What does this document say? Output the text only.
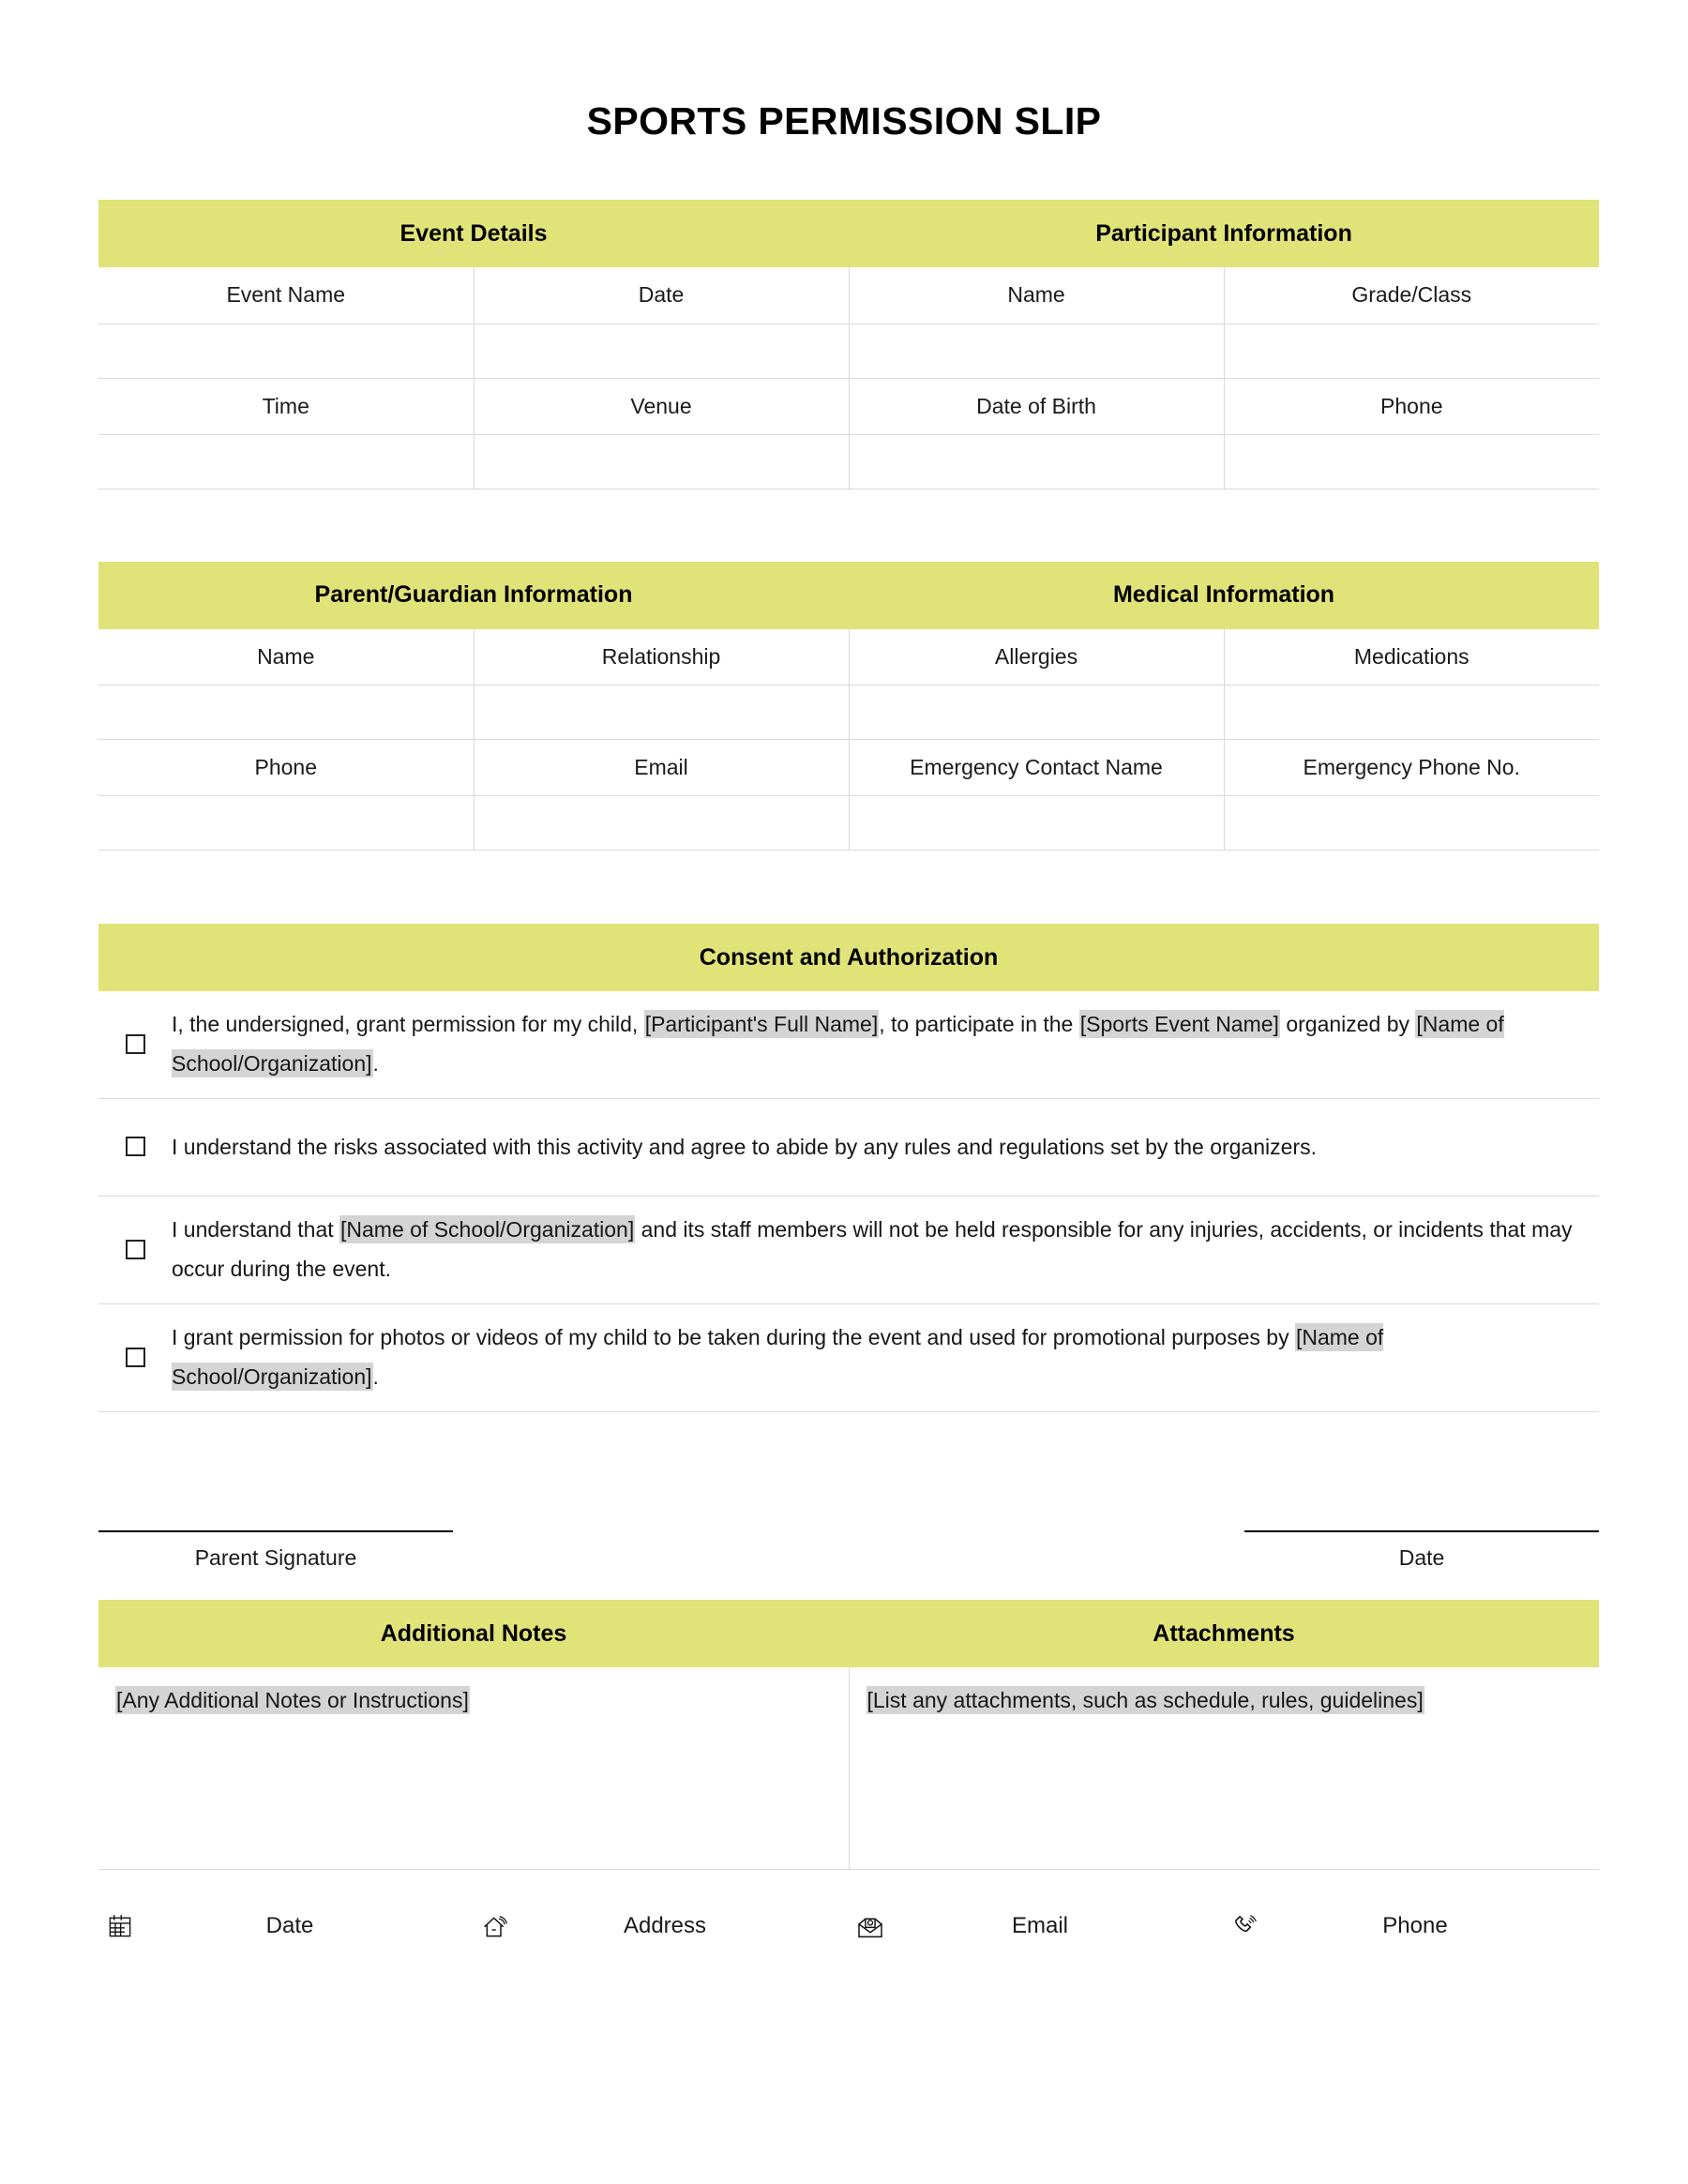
SPORTS PERMISSION SLIP
Event Details		Participant Information	
Event Name	Date	Name	Grade/Class

Time	Venue	Date of Birth	Phone

Parent/Guardian Information		Medical Information	
Name	Relationship	Allergies	Medications

Phone	Email	Emergency Contact Name	Emergency Phone No.

Consent and Authorization
I, the undersigned, grant permission for my child, [Participant's Full Name], to participate in the [Sports Event Name] organized by [Name of School/Organization].
I understand the risks associated with this activity and agree to abide by any rules and regulations set by the organizers.
I understand that [Name of School/Organization] and its staff members will not be held responsible for any injuries, accidents, or incidents that may occur during the event.
I grant permission for photos or videos of my child to be taken during the event and used for promotional purposes by [Name of School/Organization].
Parent Signature	Date
Additional Notes	Attachments
[Any Additional Notes or Instructions]	[List any attachments, such as schedule, rules, guidelines]
Date	Address	Email	Phone
